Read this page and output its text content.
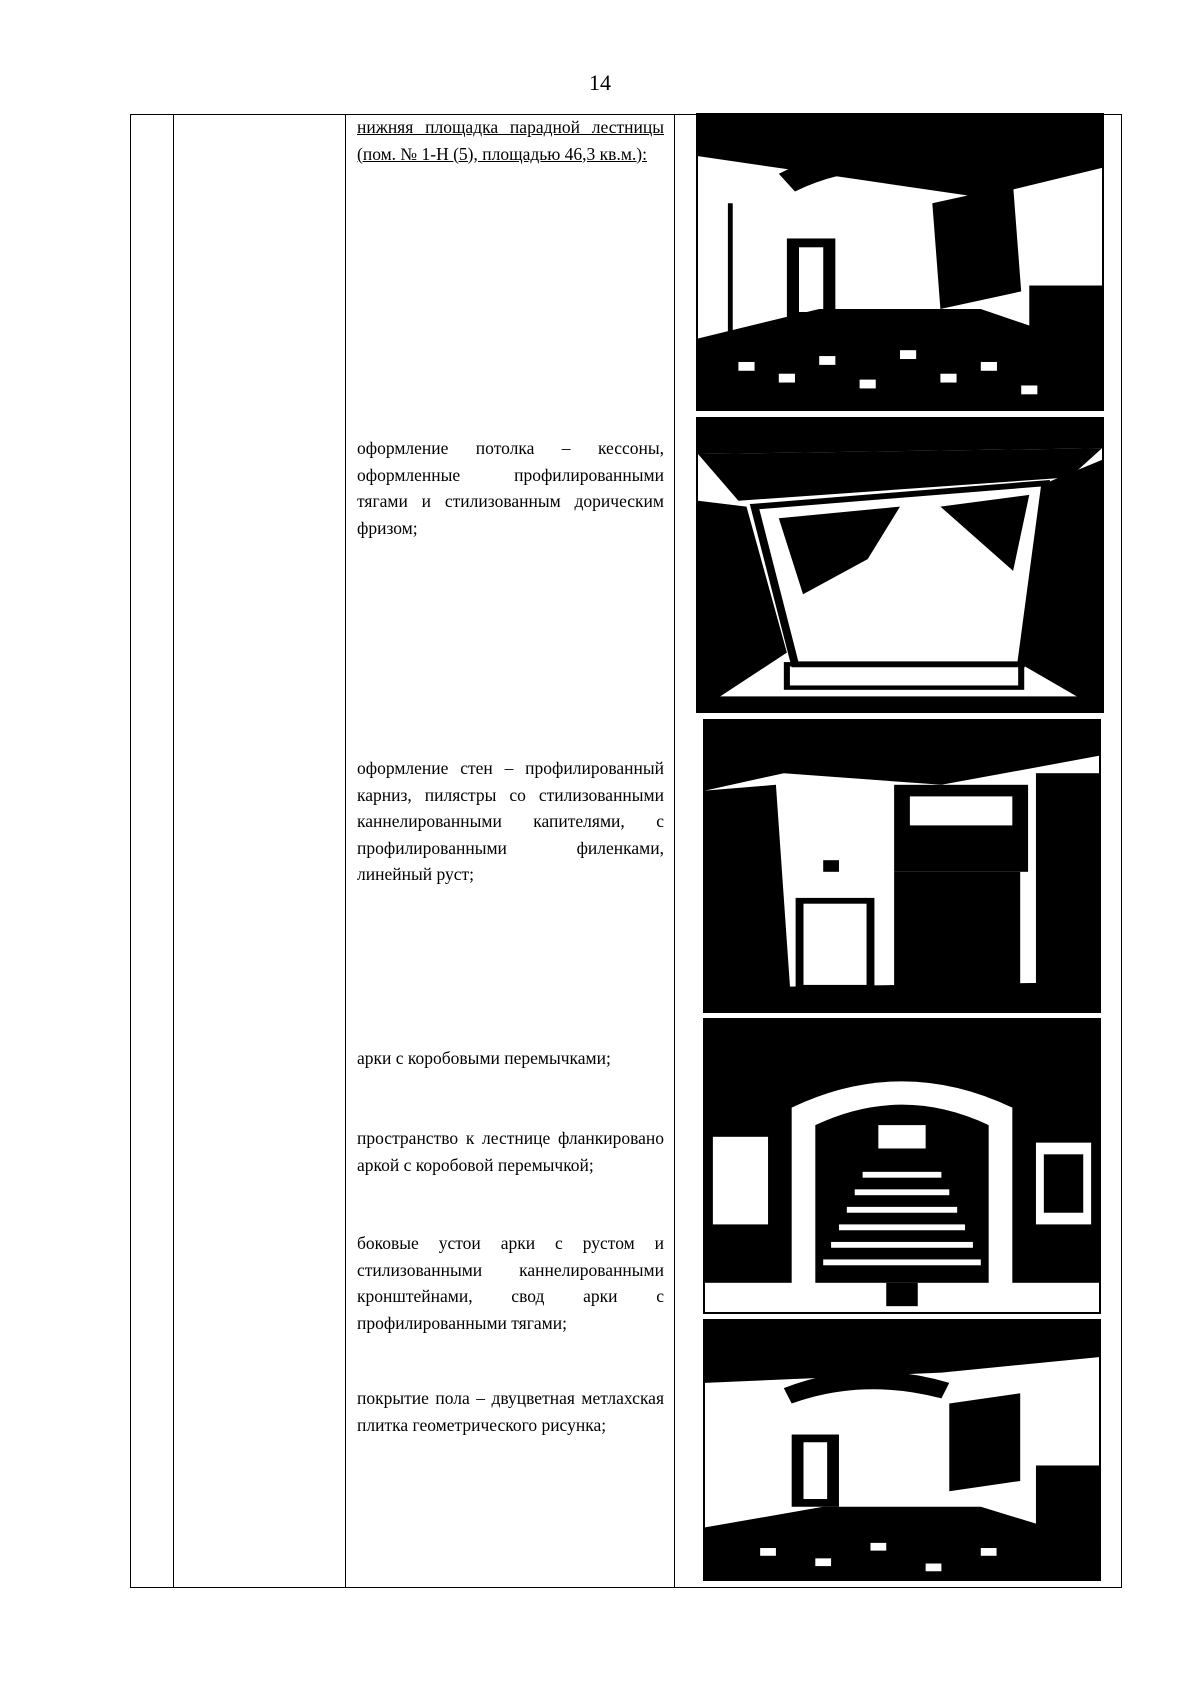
14
нижняя площадка парадной лестницы (пом. № 1-Н (5), площадью 46,3 кв.м.):
оформление потолка – кессоны, оформленные профилированными тягами и стилизованным дорическим фризом;
оформление стен – профилированный карниз, пилястры со стилизованными каннелированными капителями, с профилированными филенками, линейный руст;
арки с коробовыми перемычками;
пространство к лестнице фланкировано аркой с коробовой перемычкой;
боковые устои арки с рустом и стилизованными каннелированными кронштейнами, свод арки с профилированными тягами;
покрытие пола – двуцветная метлахская плитка геометрического рисунка;
